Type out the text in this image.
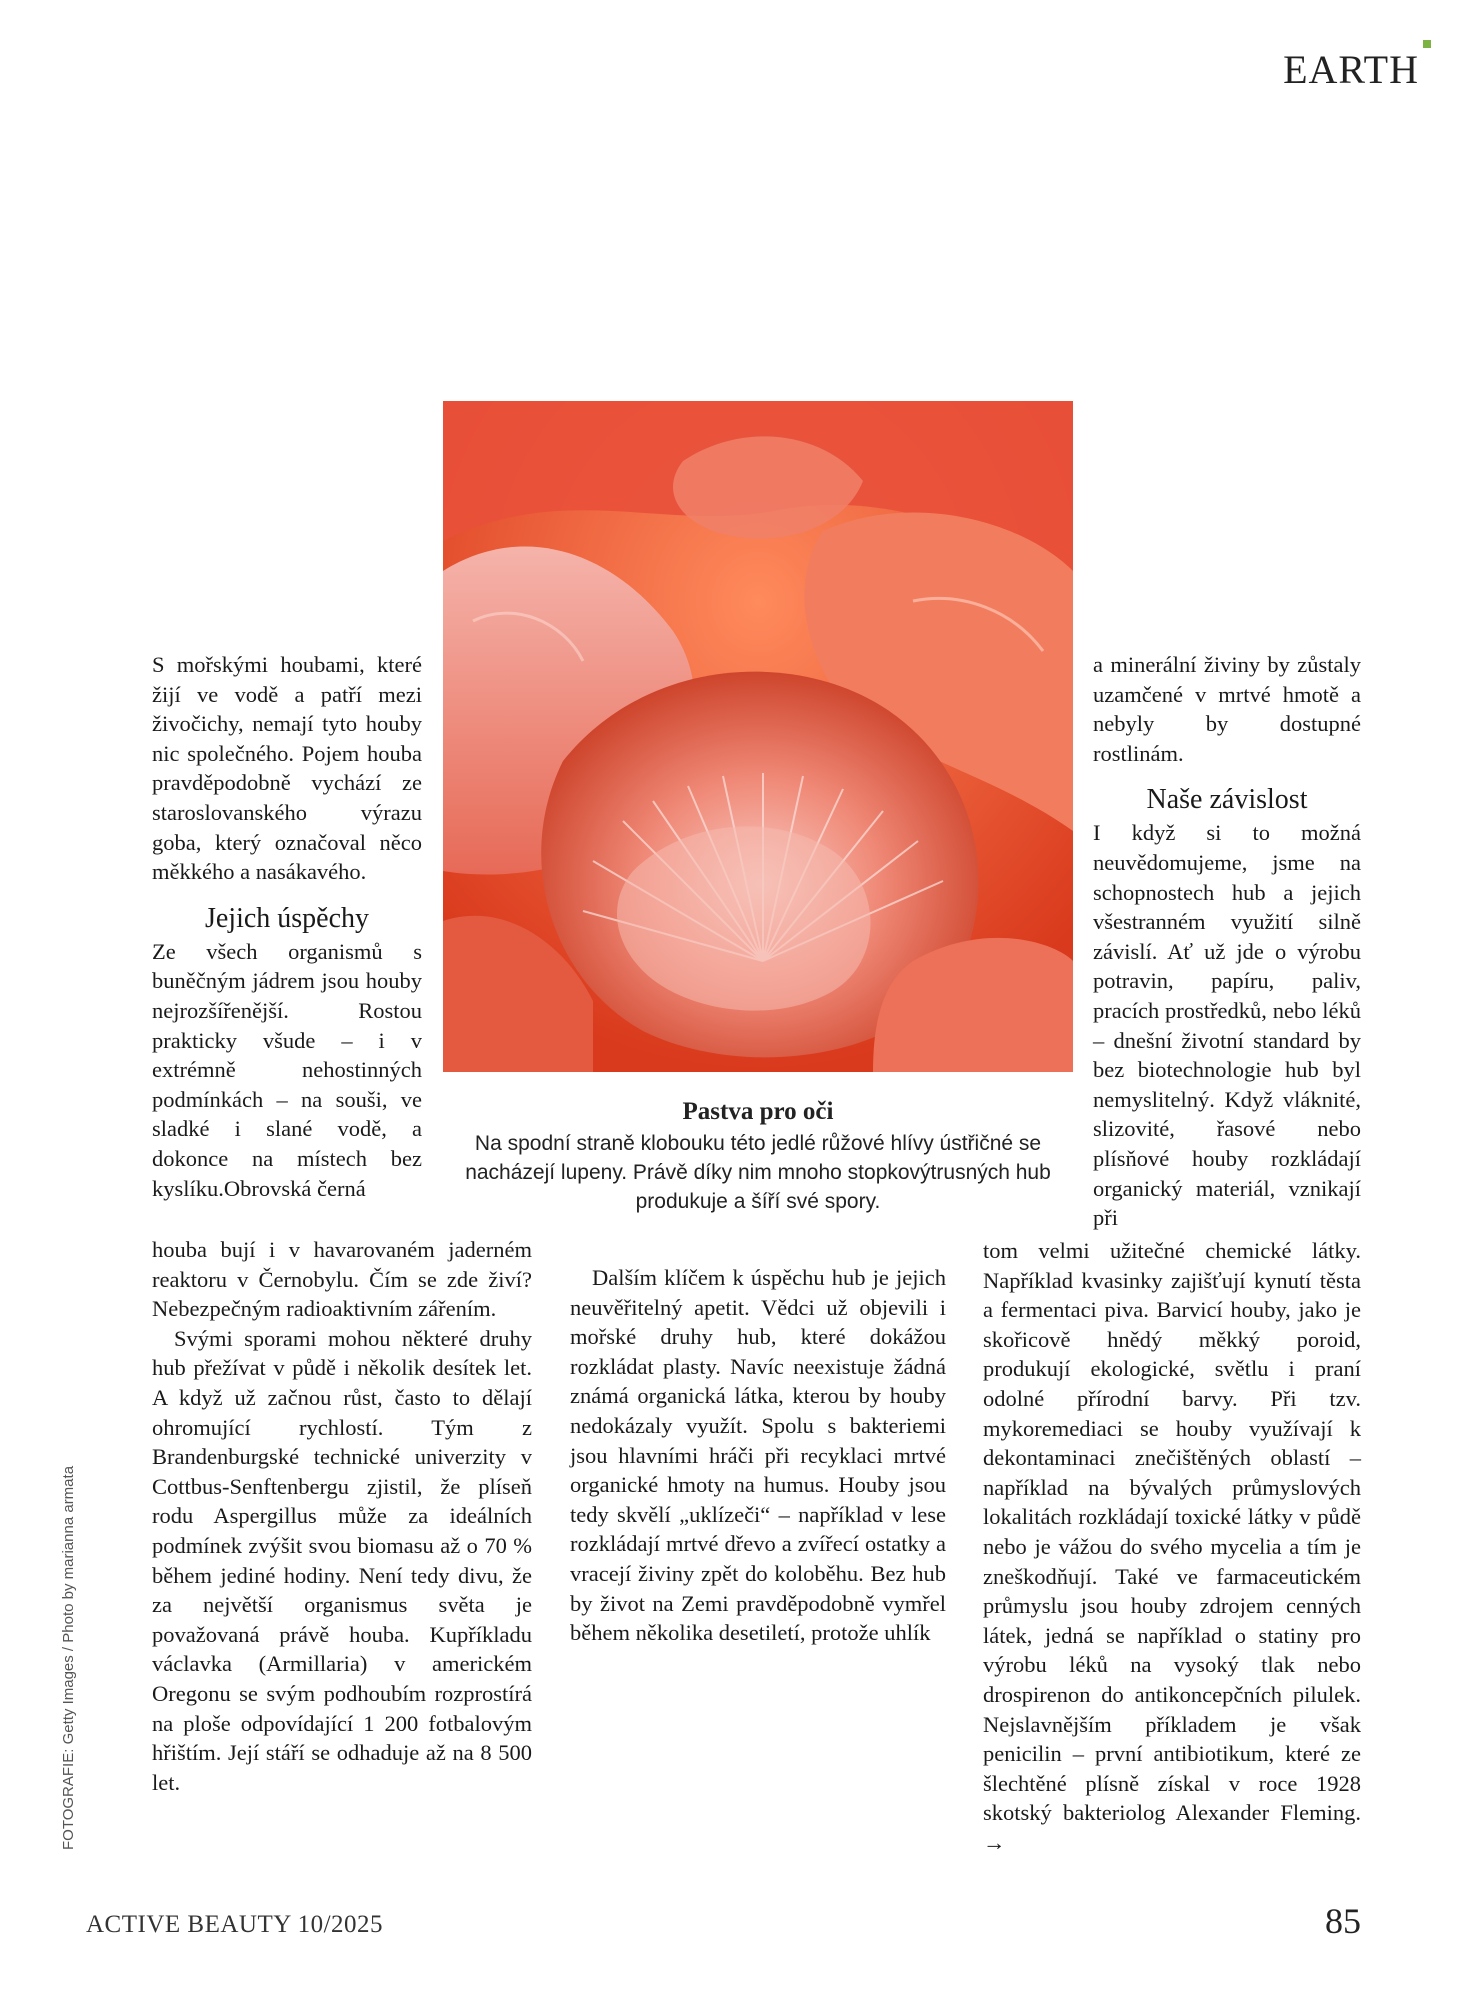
EARTH
Pastva pro oči
Na spodní straně klobouku této jedlé růžové hlívy ústřičné se nacházejí lupeny. Právě díky nim mnoho stopkovýtrusných hub produkuje a šíří své spory.

S mořskými houbami, které žijí ve vodě a patří mezi živočichy, nemají tyto houby nic společného. Pojem houba pravděpodobně vychází ze staroslovanského výrazu goba, který označoval něco měkkého a nasákavého.

Jejich úspěchy

Ze všech organismů s buněčným jádrem jsou houby nejrozšířenější. Rostou prakticky všude – i v extrémně nehostinných podmínkách – na souši, ve sladké i slané vodě, a dokonce na místech bez kyslíku.Obrovská černá

houba bují i v havarovaném jaderném reaktoru v Černobylu. Čím se zde živí? Nebezpečným radioaktivním zářením.

Svými sporami mohou některé druhy hub přežívat v půdě i několik desítek let. A když už začnou růst, často to dělají ohromující rychlostí. Tým z Brandenburgské technické univerzity v Cottbus-Senftenbergu zjistil, že plíseň rodu Aspergillus může za ideálních podmínek zvýšit svou biomasu až o 70 % během jediné hodiny. Není tedy divu, že za největší organismus světa je považovaná právě houba. Kupříkladu václavka (Armillaria) v americkém Oregonu se svým podhoubím rozprostírá na ploše odpovídající 1 200 fotbalovým hřištím. Její stáří se odhaduje až na 8 500 let.

Dalším klíčem k úspěchu hub je jejich neuvěřitelný apetit. Vědci už objevili i mořské druhy hub, které dokážou rozkládat plasty. Navíc neexistuje žádná známá organická látka, kterou by houby nedokázaly využít. Spolu s bakteriemi jsou hlavními hráči při recyklaci mrtvé organické hmoty na humus. Houby jsou tedy skvělí „uklízeči“ – například v lese rozkládají mrtvé dřevo a zvířecí ostatky a vracejí živiny zpět do koloběhu. Bez hub by život na Zemi pravděpodobně vymřel během několika desetiletí, protože uhlík

a minerální živiny by zůstaly uzamčené v mrtvé hmotě a nebyly by dostupné rostlinám.

Naše závislost

I když si to možná neuvědomujeme, jsme na schopnostech hub a jejich všestranném využití silně závislí. Ať už jde o výrobu potravin, papíru, paliv, pracích prostředků, nebo léků – dnešní životní standard by bez biotechnologie hub byl nemyslitelný. Když vláknité, slizovité, řasové nebo plísňové houby rozkládají organický materiál, vznikají při

tom velmi užitečné chemické látky. Například kvasinky zajišťují kynutí těsta a fermentaci piva. Barvicí houby, jako je skořicově hnědý měkký poroid, produkují ekologické, světlu i praní odolné přírodní barvy. Při tzv. mykoremediaci se houby využívají k dekontaminaci znečištěných oblastí – například na bývalých průmyslových lokalitách rozkládají toxické látky v půdě nebo je vážou do svého mycelia a tím je zneškodňují. Také ve farmaceutickém průmyslu jsou houby zdrojem cenných látek, jedná se například o statiny pro výrobu léků na vysoký tlak nebo drospirenon do antikoncepčních pilulek. Nejslavnějším příkladem je však penicilin – první antibiotikum, které ze šlechtěné plísně získal v roce 1928 skotský bakteriolog Alexander Fleming. →

FOTOGRAFIE: Getty Images / Photo by marianna armata
ACTIVE BEAUTY 10/2025	85
